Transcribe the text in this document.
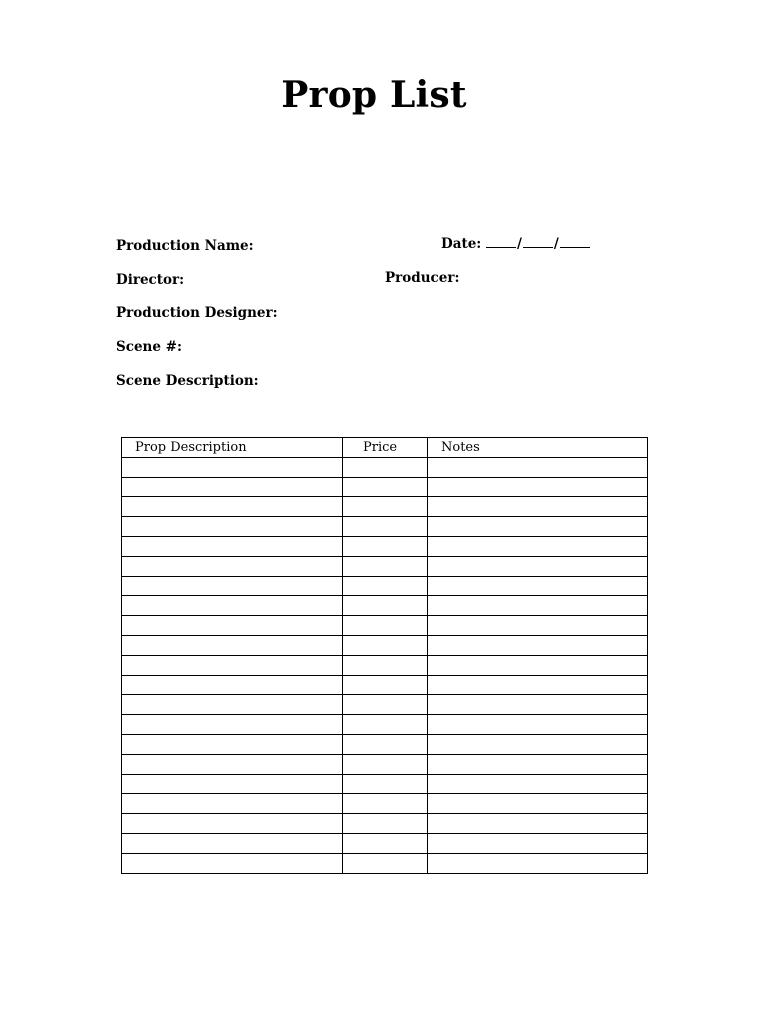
Prop List
Production Name:	Date:	/ /
Director:	Producer:
Production Designer:
Scene #:
Scene Description:
Prop Description	Price	Notes
